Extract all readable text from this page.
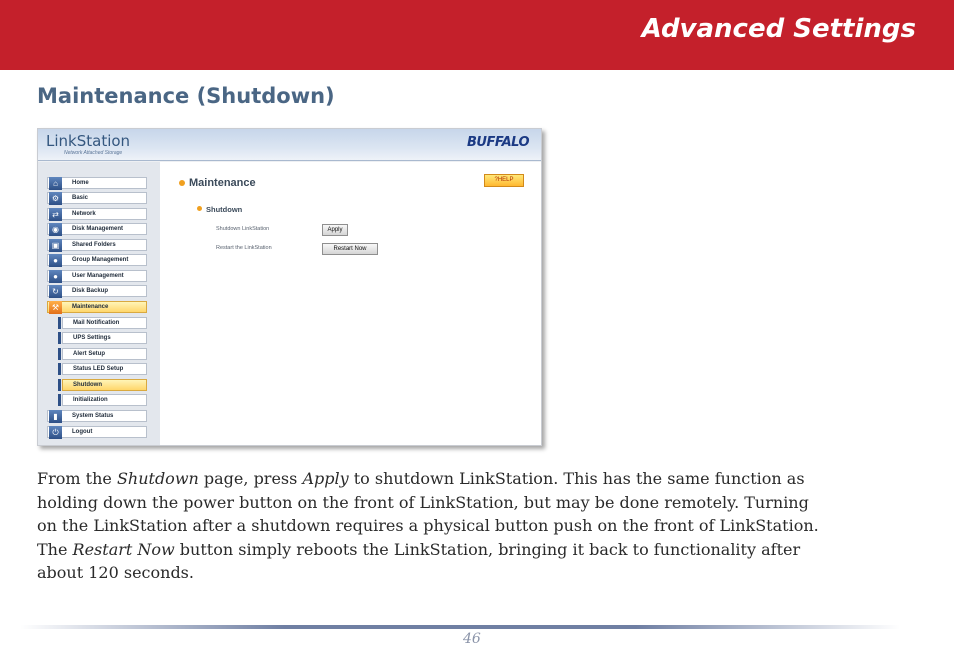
Advanced Settings
Maintenance (Shutdown)
LinkStation
Network Attached Storage
BUFFALO
⌂	Home
⚙	Basic
⇄	Network
◉	Disk Management
▣	Shared Folders
●	Group Management
●	User Management
↻	Disk Backup
⚒	Maintenance
Mail Notification
UPS Settings
Alert Setup
Status LED Setup
Shutdown
Initialization
▮	System Status
⏻	Logout
Maintenance	?HELP
Shutdown
Shutdown LinkStation	Apply
Restart the LinkStation	Restart Now
From the Shutdown page, press Apply to shutdown LinkStation. This has the same function as
holding down the power button on the front of LinkStation, but may be done remotely. Turning
on the LinkStation after a shutdown requires a physical button push on the front of LinkStation.
The Restart Now button simply reboots the LinkStation, bringing it back to functionality after
about 120 seconds.
46
